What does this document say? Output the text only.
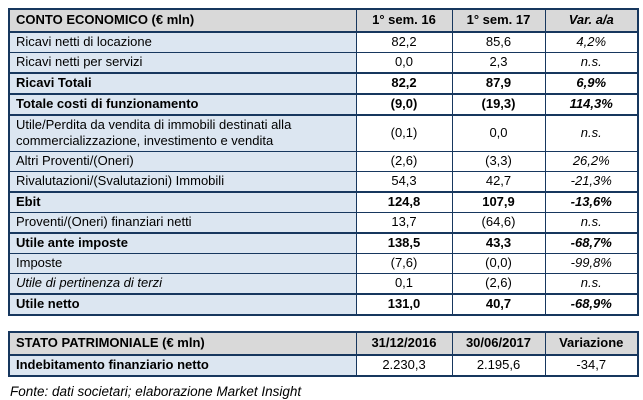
CONTO ECONOMICO (€ mln)	1° sem. 16	1° sem. 17	Var. a/a
Ricavi netti di locazione	82,2	85,6	4,2%
Ricavi netti per servizi	0,0	2,3	n.s.
Ricavi Totali	82,2	87,9	6,9%
Totale costi di funzionamento	(9,0)	(19,3)	114,3%
Utile/Perdita da vendita di immobili destinati alla commercializzazione, investimento e vendita	(0,1)	0,0	n.s.
Altri Proventi/(Oneri)	(2,6)	(3,3)	26,2%
Rivalutazioni/(Svalutazioni) Immobili	54,3	42,7	-21,3%
Ebit	124,8	107,9	-13,6%
Proventi/(Oneri) finanziari netti	13,7	(64,6)	n.s.
Utile ante imposte	138,5	43,3	-68,7%
Imposte	(7,6)	(0,0)	-99,8%
Utile di pertinenza di terzi	0,1	(2,6)	n.s.
Utile netto	131,0	40,7	-68,9%
STATO PATRIMONIALE (€ mln)	31/12/2016	30/06/2017	Variazione
Indebitamento finanziario netto	2.230,3	2.195,6	-34,7
Fonte: dati societari; elaborazione Market Insight
